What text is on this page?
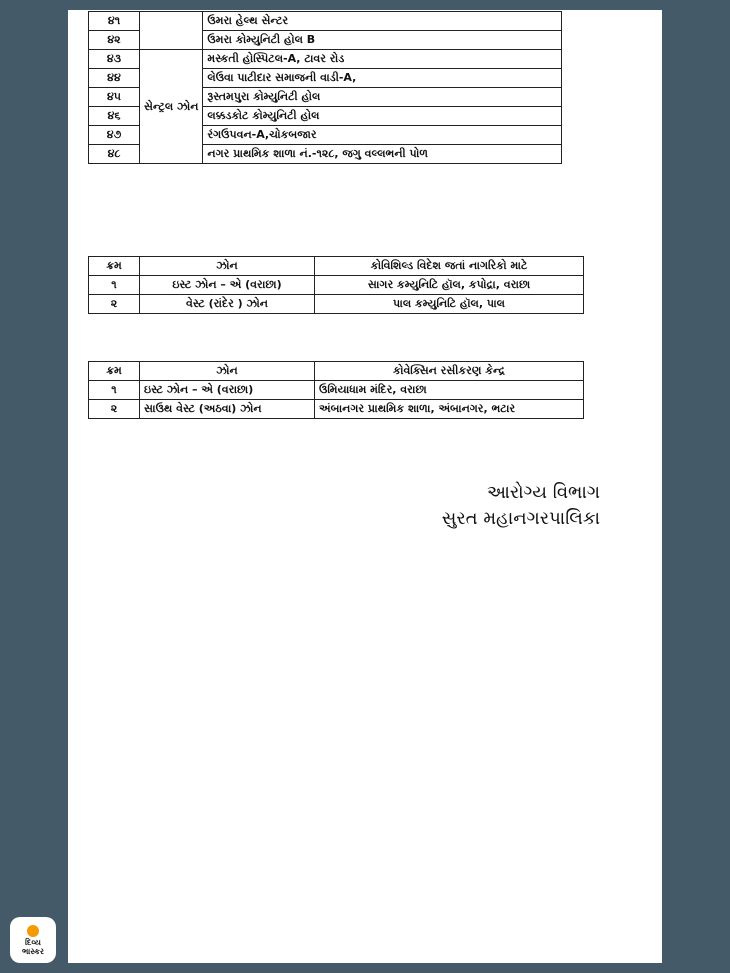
૪૧		ઉમરા હેલ્થ સેન્ટર
૪૨		ઉમરા કોમ્યુનિટી હોલ B
૪૩	સેન્ટ્રલ ઝોન	મસ્કતી હોસ્પિટલ-A, ટાવર રોડ
૪૪		લેઉવા પાટીદાર સમાજની વાડી-A,
૪૫		રૂસ્તમપુરા કોમ્યુનિટી હોલ
૪૬		લક્કડકોટ કોમ્યુનિટી હોલ
૪૭		રંગઉપવન-A,ચોકબજાર
૪૮		નગર પ્રાથમિક શાળા નં.-૧૨૮, જગુ વલ્લભની પોળ
ક્રમ	ઝોન	કોવિશિલ્ડ વિદેશ જતાં નાગરિકો માટે
૧	ઇસ્ટ ઝોન – એ (વરાછા)	સાગર કમ્યુનિટિ હૉલ, કપોદ્રા, વરાછા
૨	વેસ્ટ (રાંદેર ) ઝોન	પાલ કમ્યુનિટિ હૉલ, પાલ
ક્રમ	ઝોન	કોવેક્સિન રસીકરણ કેન્દ્ર
૧	ઇસ્ટ ઝોન – એ (વરાછા)	ઉમિયાધામ મંદિર, વરાછા
૨	સાઉથ વેસ્ટ (અઠવા) ઝોન	અંબાનગર પ્રાથમિક શાળા, અંબાનગર, ભટાર
આરોગ્ય વિભાગ
સુરત મહાનગરપાલિકા
દિવ્ય
ભાસ્કર
